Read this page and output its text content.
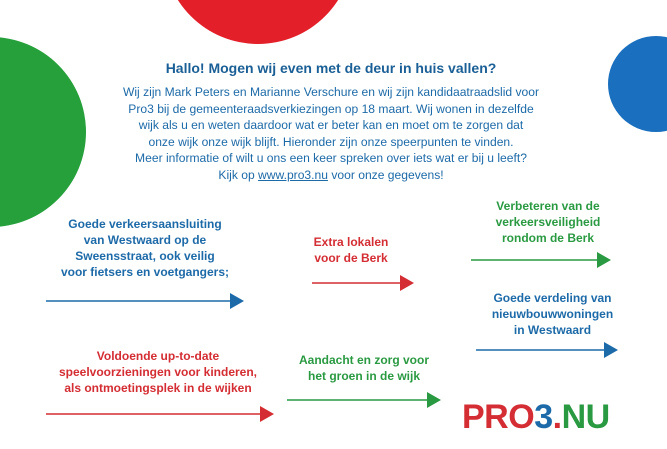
Hallo! Mogen wij even met de deur in huis vallen?

Wij zijn Mark Peters en Marianne Verschure en wij zijn kandidaatraadslid voor
Pro3 bij de gemeenteraadsverkiezingen op 18 maart. Wij wonen in dezelfde
wijk als u en weten daardoor wat er beter kan en moet om te zorgen dat
onze wijk onze wijk blijft. Hieronder zijn onze speerpunten te vinden.
Meer informatie of wilt u ons een keer spreken over iets wat er bij u leeft?
Kijk op www.pro3.nu voor onze gegevens!

Goede verkeersaansluiting
van Westwaard op de
Sweensstraat, ook veilig
voor fietsers en voetgangers;
Extra lokalen
voor de Berk
Verbeteren van de
verkeersveiligheid
rondom de Berk
Goede verdeling van
nieuwbouwwoningen
in Westwaard
Voldoende up-to-date
speelvoorzieningen voor kinderen,
als ontmoetingsplek in de wijken
Aandacht en zorg voor
het groen in de wijk
PRO3.NU
